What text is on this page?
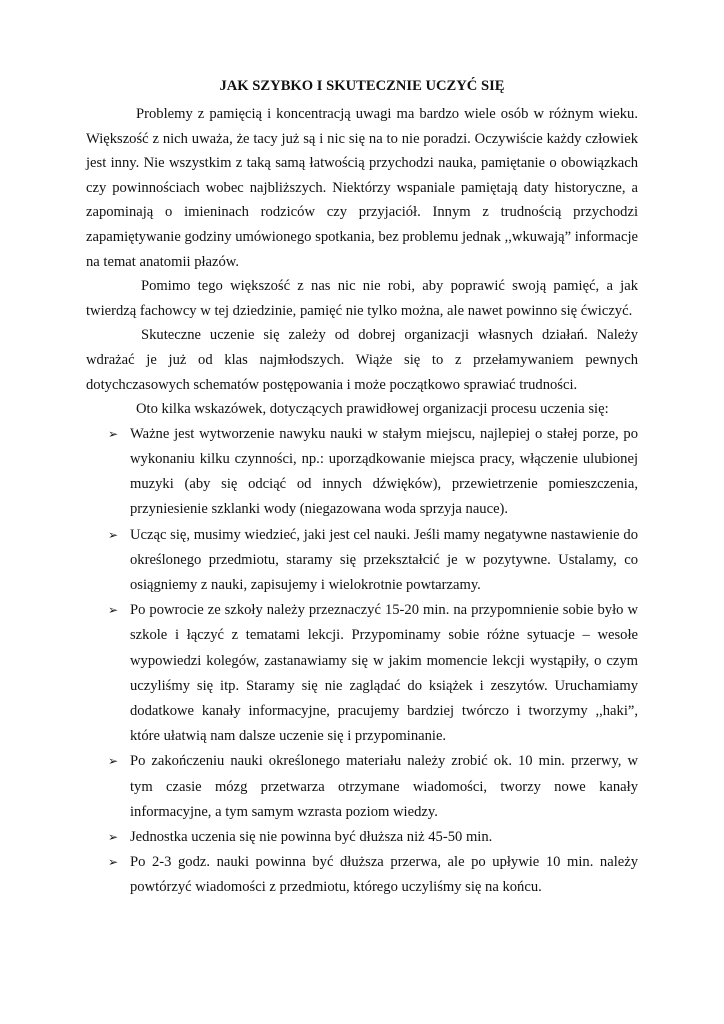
JAK SZYBKO I SKUTECZNIE UCZYĆ SIĘ

Problemy z pamięcią i koncentracją uwagi ma bardzo wiele osób w różnym wieku. Większość z nich uważa, że tacy już są i nic się na to nie poradzi. Oczywiście każdy człowiek jest inny. Nie wszystkim z taką samą łatwością przychodzi nauka, pamiętanie o obowiązkach czy powinnościach wobec najbliższych. Niektórzy wspaniale pamiętają daty historyczne, a zapominają o imieninach rodziców czy przyjaciół. Innym z trudnością przychodzi zapamiętywanie godziny umówionego spotkania, bez problemu jednak ,,wkuwają” informacje na temat anatomii płazów.

Pomimo tego większość z nas nic nie robi, aby poprawić swoją pamięć, a jak twierdzą fachowcy w tej dziedzinie, pamięć nie tylko można, ale nawet powinno się ćwiczyć.

Skuteczne uczenie się zależy od dobrej organizacji własnych działań. Należy wdrażać je już od klas najmłodszych. Wiąże się to z przełamywaniem pewnych dotychczasowych schematów postępowania i może początkowo sprawiać trudności.

Oto kilka wskazówek, dotyczących prawidłowej organizacji procesu uczenia się:

➢ Ważne jest wytworzenie nawyku nauki w stałym miejscu, najlepiej o stałej porze, po wykonaniu kilku czynności, np.: uporządkowanie miejsca pracy, włączenie ulubionej muzyki (aby się odciąć od innych dźwięków), przewietrzenie pomieszczenia, przyniesienie szklanki wody (niegazowana woda sprzyja nauce).
➢ Ucząc się, musimy wiedzieć, jaki jest cel nauki. Jeśli mamy negatywne nastawienie do określonego przedmiotu, staramy się przekształcić je w pozytywne. Ustalamy, co osiągniemy z nauki, zapisujemy i wielokrotnie powtarzamy.
➢ Po powrocie ze szkoły należy przeznaczyć 15-20 min. na przypomnienie sobie było w szkole i łączyć z tematami lekcji. Przypominamy sobie różne sytuacje – wesołe wypowiedzi kolegów, zastanawiamy się w jakim momencie lekcji wystąpiły, o czym uczyliśmy się itp. Staramy się nie zaglądać do książek i zeszytów. Uruchamiamy dodatkowe kanały informacyjne, pracujemy bardziej twórczo i tworzymy ,,haki”, które ułatwią nam dalsze uczenie się i przypominanie.
➢ Po zakończeniu nauki określonego materiału należy zrobić ok. 10 min. przerwy, w tym czasie mózg przetwarza otrzymane wiadomości, tworzy nowe kanały informacyjne, a tym samym wzrasta poziom wiedzy.
➢ Jednostka uczenia się nie powinna być dłuższa niż 45-50 min.
➢ Po 2-3 godz. nauki powinna być dłuższa przerwa, ale po upływie 10 min. należy powtórzyć wiadomości z przedmiotu, którego uczyliśmy się na końcu.
